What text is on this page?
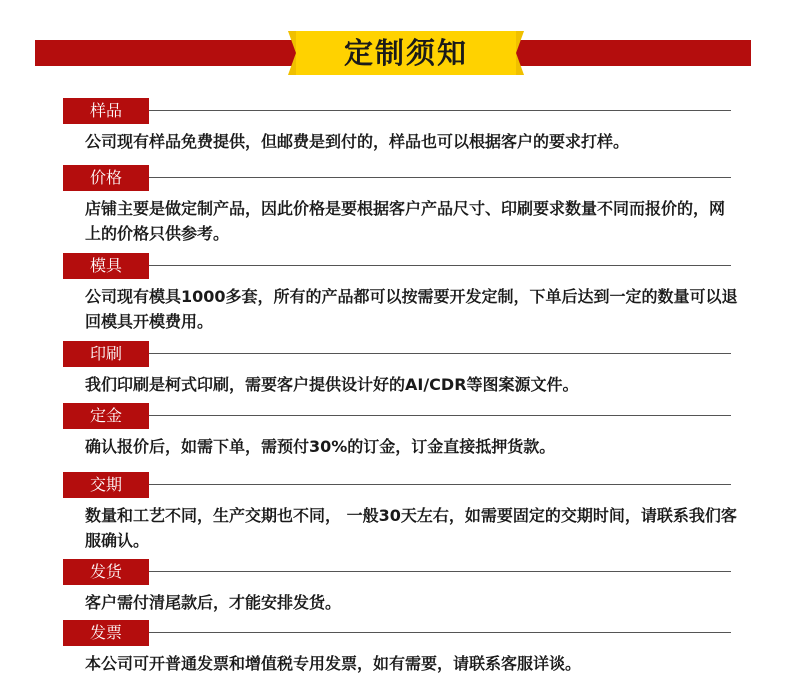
定制须知
样品
公司现有样品免费提供，但邮费是到付的，样品也可以根据客户的要求打样。
价格
店铺主要是做定制产品，因此价格是要根据客户产品尺寸、印刷要求数量不同而报价的，网上的价格只供参考。
模具
公司现有模具1000多套，所有的产品都可以按需要开发定制，下单后达到一定的数量可以退回模具开模费用。
印刷
我们印刷是柯式印刷，需要客户提供设计好的AI/CDR等图案源文件。
定金
确认报价后，如需下单，需预付30%的订金，订金直接抵押货款。
交期
数量和工艺不同，生产交期也不同， 一般30天左右，如需要固定的交期时间，请联系我们客服确认。
发货
客户需付清尾款后，才能安排发货。
发票
本公司可开普通发票和增值税专用发票，如有需要，请联系客服详谈。
